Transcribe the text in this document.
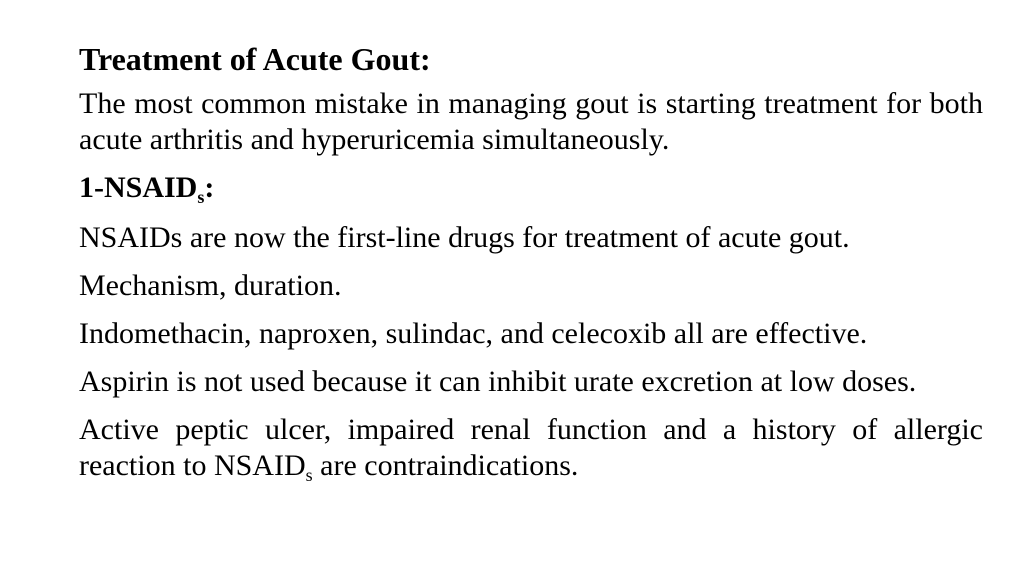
Treatment of Acute Gout:

The most common mistake in managing gout is starting treatment for both acute arthritis and hyperuricemia simultaneously.

$1-NSAID_s$:

NSAIDs are now the first-line drugs for treatment of acute gout.

Mechanism, duration.

Indomethacin, naproxen, sulindac, and celecoxib all are effective.

Aspirin is not used because it can inhibit urate excretion at low doses.

Active peptic ulcer, impaired renal function and a history of allergic reaction to $NSAID_s$ are contraindications.
